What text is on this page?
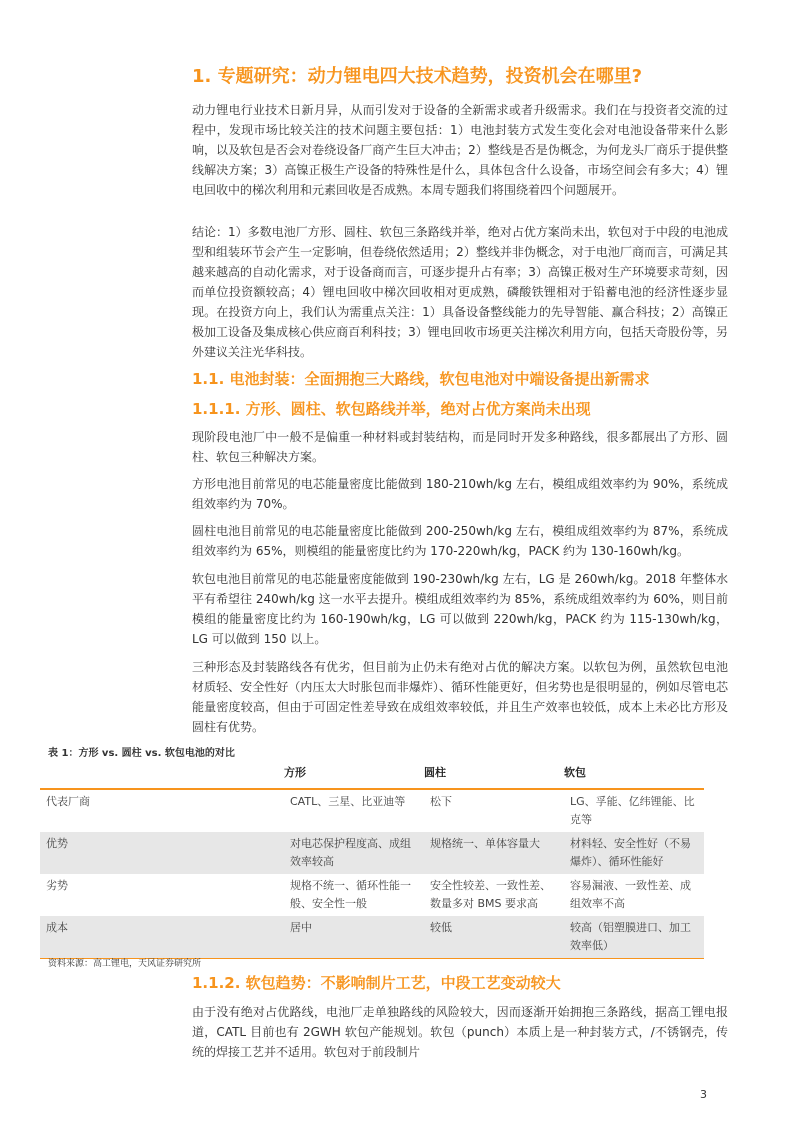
1. 专题研究：动力锂电四大技术趋势，投资机会在哪里?

动力锂电行业技术日新月异，从而引发对于设备的全新需求或者升级需求。我们在与投资者交流的过程中，发现市场比较关注的技术问题主要包括：1）电池封装方式发生变化会对电池设备带来什么影响，以及软包是否会对卷绕设备厂商产生巨大冲击；2）整线是否是伪概念，为何龙头厂商乐于提供整线解决方案；3）高镍正极生产设备的特殊性是什么，具体包含什么设备，市场空间会有多大；4）锂电回收中的梯次利用和元素回收是否成熟。本周专题我们将围绕着四个问题展开。

结论：1）多数电池厂方形、圆柱、软包三条路线并举，绝对占优方案尚未出，软包对于中段的电池成型和组装环节会产生一定影响，但卷绕依然适用；2）整线并非伪概念，对于电池厂商而言，可满足其越来越高的自动化需求，对于设备商而言，可逐步提升占有率；3）高镍正极对生产环境要求苛刻，因而单位投资额较高；4）锂电回收中梯次回收相对更成熟，磷酸铁锂相对于铅蓄电池的经济性逐步显现。在投资方向上，我们认为需重点关注：1）具备设备整线能力的先导智能、赢合科技；2）高镍正极加工设备及集成核心供应商百利科技；3）锂电回收市场更关注梯次利用方向，包括天奇股份等，另外建议关注光华科技。

1.1. 电池封装：全面拥抱三大路线，软包电池对中端设备提出新需求
1.1.1. 方形、圆柱、软包路线并举，绝对占优方案尚未出现

现阶段电池厂中一般不是偏重一种材料或封装结构，而是同时开发多种路线，很多都展出了方形、圆柱、软包三种解决方案。

方形电池目前常见的电芯能量密度比能做到 180-210wh/kg 左右，模组成组效率约为 90%，系统成组效率约为 70%。

圆柱电池目前常见的电芯能量密度比能做到 200-250wh/kg 左右，模组成组效率约为 87%，系统成组效率约为 65%，则模组的能量密度比约为 170-220wh/kg，PACK 约为 130-160wh/kg。

软包电池目前常见的电芯能量密度能做到 190-230wh/kg 左右，LG 是 260wh/kg。2018 年整体水平有希望往 240wh/kg 这一水平去提升。模组成组效率约为 85%，系统成组效率约为 60%，则目前模组的能量密度比约为 160-190wh/kg，LG 可以做到 220wh/kg，PACK 约为 115-130wh/kg，LG 可以做到 150 以上。

三种形态及封装路线各有优劣，但目前为止仍未有绝对占优的解决方案。以软包为例，虽然软包电池材质轻、安全性好（内压太大时胀包而非爆炸）、循环性能更好，但劣势也是很明显的，例如尽管电芯能量密度较高，但由于可固定性差导致在成组效率较低，并且生产效率也较低，成本上未必比方形及圆柱有优势。

表 1：方形 vs. 圆柱 vs. 软包电池的对比
	方形	圆柱	软包
代表厂商	CATL、三星、比亚迪等	松下	LG、孚能、亿纬锂能、比克等
优势	对电芯保护程度高、成组效率较高	规格统一、单体容量大	材料轻、安全性好（不易爆炸）、循环性能好
劣势	规格不统一、循环性能一般、安全性一般	安全性较差、一致性差、数量多对 BMS 要求高	容易漏液、一致性差、成组效率不高
成本	居中	较低	较高（铝塑膜进口、加工效率低）
资料来源：高工锂电，天风证券研究所
1.1.2. 软包趋势：不影响制片工艺，中段工艺变动较大

由于没有绝对占优路线，电池厂走单独路线的风险较大，因而逐渐开始拥抱三条路线，据高工锂电报道，CATL 目前也有 2GWH 软包产能规划。软包（punch）本质上是一种封装方式，/不锈钢壳，传统的焊接工艺并不适用。软包对于前段制片

3
